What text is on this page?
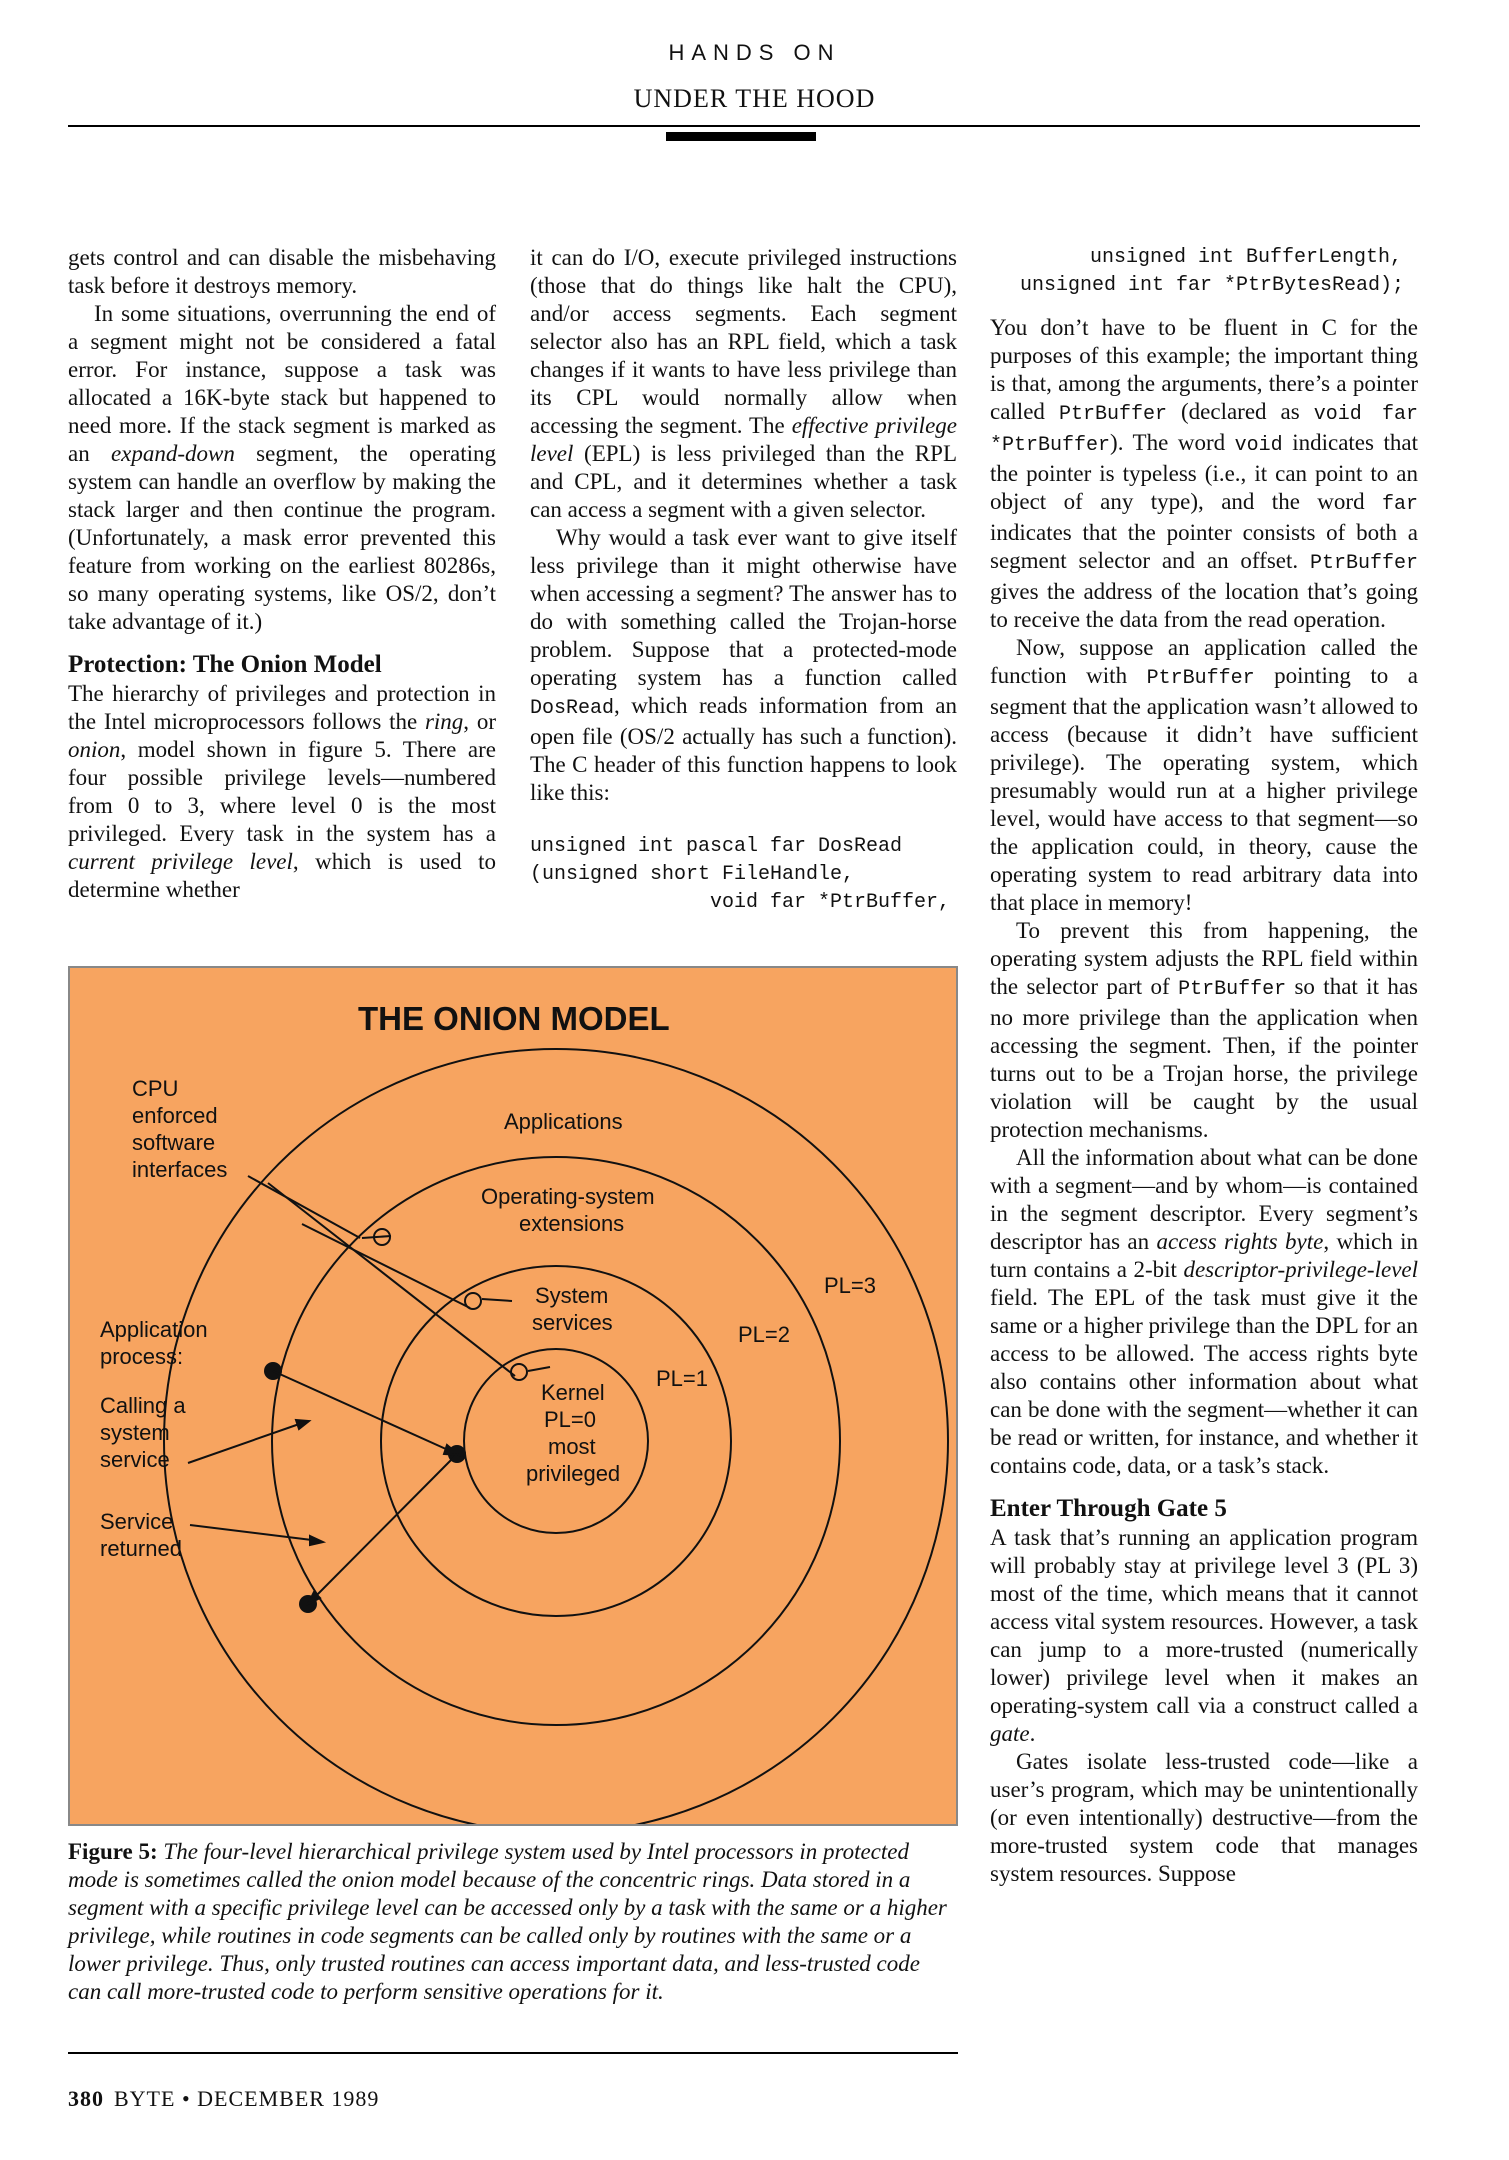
HANDS ON
UNDER THE HOOD

gets control and can disable the misbehaving task before it destroys memory.

In some situations, overrunning the end of a segment might not be considered a fatal error. For instance, suppose a task was allocated a 16K-byte stack but happened to need more. If the stack segment is marked as an expand-down segment, the operating system can handle an overflow by making the stack larger and then continue the program. (Unfortunately, a mask error prevented this feature from working on the earliest 80286s, so many operating systems, like OS/2, don’t take advantage of it.)

Protection: The Onion Model

The hierarchy of privileges and protection in the Intel microprocessors follows the ring, or onion, model shown in figure 5. There are four possible privilege levels—numbered from 0 to 3, where level 0 is the most privileged. Every task in the system has a current privilege level, which is used to determine whether

it can do I/O, execute privileged instructions (those that do things like halt the CPU), and/or access segments. Each segment selector also has an RPL field, which a task changes if it wants to have less privilege than its CPL would normally allow when accessing the segment. The effective privilege level (EPL) is less privileged than the RPL and CPL, and it determines whether a task can access a segment with a given selector.

Why would a task ever want to give itself less privilege than it might otherwise have when accessing a segment? The answer has to do with something called the Trojan-horse problem. Suppose that a protected-mode operating system has a function called DosRead, which reads information from an open file (OS/2 actually has such a function). The C header of this function happens to look like this:

unsigned int pascal far DosRead
(unsigned short FileHandle,
void far *PtrBuffer,
unsigned int BufferLength,
unsigned int far *PtrBytesRead);

You don’t have to be fluent in C for the purposes of this example; the important thing is that, among the arguments, there’s a pointer called PtrBuffer (declared as void far *PtrBuffer). The word void indicates that the pointer is typeless (i.e., it can point to an object of any type), and the word far indicates that the pointer consists of both a segment selector and an offset. PtrBuffer gives the address of the location that’s going to receive the data from the read operation.

Now, suppose an application called the function with PtrBuffer pointing to a segment that the application wasn’t allowed to access (because it didn’t have sufficient privilege). The operating system, which presumably would run at a higher privilege level, would have access to that segment—so the application could, in theory, cause the operating system to read arbitrary data into that place in memory!

To prevent this from happening, the operating system adjusts the RPL field within the selector part of PtrBuffer so that it has no more privilege than the application when accessing the segment. Then, if the pointer turns out to be a Trojan horse, the privilege violation will be caught by the usual protection mechanisms.

All the information about what can be done with a segment—and by whom—is contained in the segment descriptor. Every segment’s descriptor has an access rights byte, which in turn contains a 2-bit descriptor-privilege-level field. The EPL of the task must give it the same or a higher privilege than the DPL for an access to be allowed. The access rights byte also contains other information about what can be done with the segment—whether it can be read or written, for instance, and whether it contains code, data, or a task’s stack.

Enter Through Gate 5

A task that’s running an application program will probably stay at privilege level 3 (PL 3) most of the time, which means that it cannot access vital system resources. However, a task can jump to a more-trusted (numerically lower) privilege level when it makes an operating-system call via a construct called a gate.

Gates isolate less-trusted code—like a user’s program, which may be unintentionally (or even intentionally) destructive—from the more-trusted system code that manages system resources. Suppose

THE ONION MODEL
CPU
enforced
software
interfaces
Application
process:
Calling a
system
service
Service
returned
Applications
Operating-system
extensions
System
services
Kernel
PL=0
most
privileged
PL=3
PL=2
PL=1
Figure 5: The four-level hierarchical privilege system used by Intel processors in protected mode is sometimes called the onion model because of the concentric rings. Data stored in a segment with a specific privilege level can be accessed only by a task with the same or a higher privilege, while routines in code segments can be called only by routines with the same or a lower privilege. Thus, only trusted routines can access important data, and less-trusted code can call more-trusted code to perform sensitive operations for it.
380 BYTE • DECEMBER 1989
